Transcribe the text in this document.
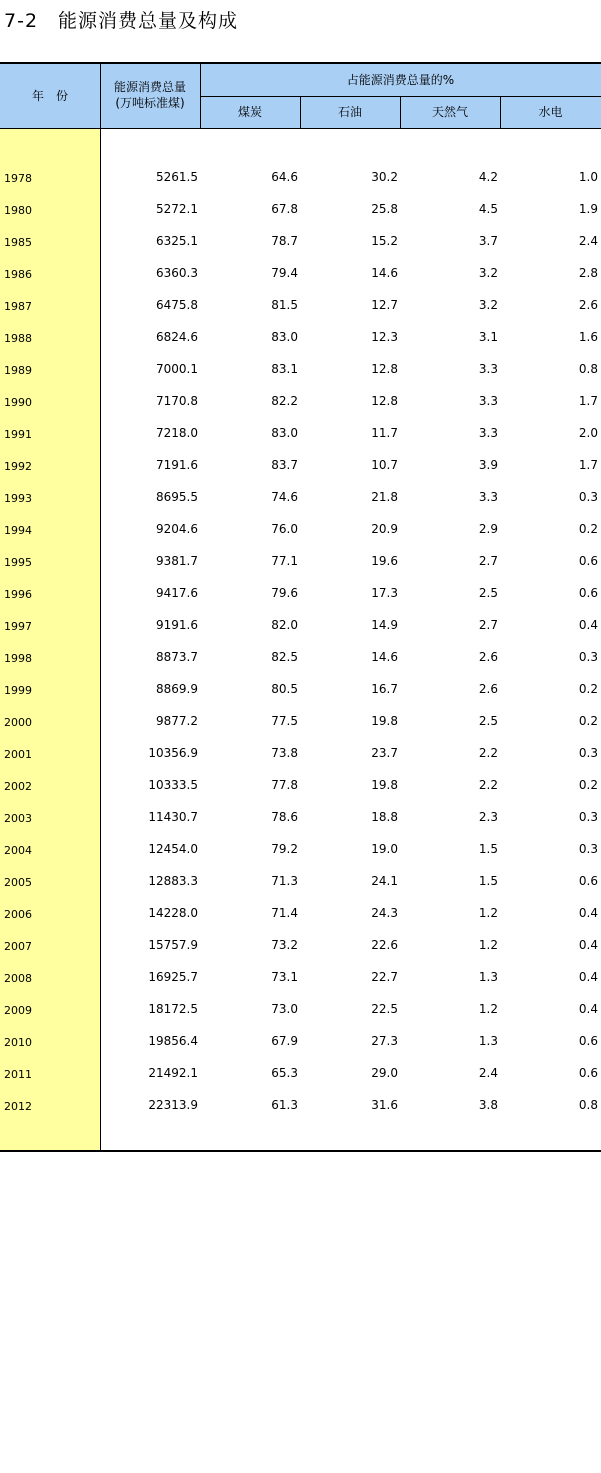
7-2　能源消费总量及构成
年　份
能源消费总量
(万吨标准煤)
占能源消费总量的%
煤炭	石油	天然气	水电
1978	5261.5	64.6	30.2	4.2	1.0
1980	5272.1	67.8	25.8	4.5	1.9
1985	6325.1	78.7	15.2	3.7	2.4
1986	6360.3	79.4	14.6	3.2	2.8
1987	6475.8	81.5	12.7	3.2	2.6
1988	6824.6	83.0	12.3	3.1	1.6
1989	7000.1	83.1	12.8	3.3	0.8
1990	7170.8	82.2	12.8	3.3	1.7
1991	7218.0	83.0	11.7	3.3	2.0
1992	7191.6	83.7	10.7	3.9	1.7
1993	8695.5	74.6	21.8	3.3	0.3
1994	9204.6	76.0	20.9	2.9	0.2
1995	9381.7	77.1	19.6	2.7	0.6
1996	9417.6	79.6	17.3	2.5	0.6
1997	9191.6	82.0	14.9	2.7	0.4
1998	8873.7	82.5	14.6	2.6	0.3
1999	8869.9	80.5	16.7	2.6	0.2
2000	9877.2	77.5	19.8	2.5	0.2
2001	10356.9	73.8	23.7	2.2	0.3
2002	10333.5	77.8	19.8	2.2	0.2
2003	11430.7	78.6	18.8	2.3	0.3
2004	12454.0	79.2	19.0	1.5	0.3
2005	12883.3	71.3	24.1	1.5	0.6
2006	14228.0	71.4	24.3	1.2	0.4
2007	15757.9	73.2	22.6	1.2	0.4
2008	16925.7	73.1	22.7	1.3	0.4
2009	18172.5	73.0	22.5	1.2	0.4
2010	19856.4	67.9	27.3	1.3	0.6
2011	21492.1	65.3	29.0	2.4	0.6
2012	22313.9	61.3	31.6	3.8	0.8
